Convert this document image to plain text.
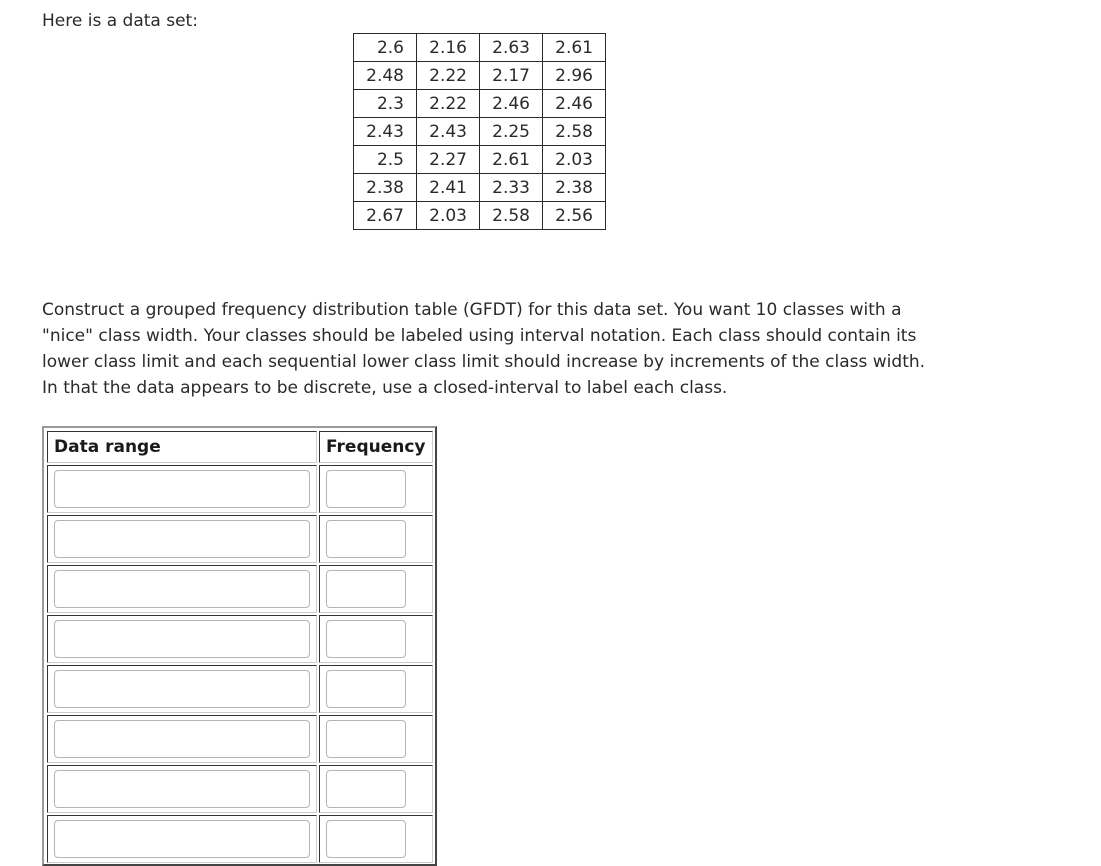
Here is a data set:

2.6	2.16	2.63	2.61
2.48	2.22	2.17	2.96
2.3	2.22	2.46	2.46
2.43	2.43	2.25	2.58
2.5	2.27	2.61	2.03
2.38	2.41	2.33	2.38
2.67	2.03	2.58	2.56

Construct a grouped frequency distribution table (GFDT) for this data set. You want 10 classes with a "nice" class width. Your classes should be labeled using interval notation. Each class should contain its lower class limit and each sequential lower class limit should increase by increments of the class width. In that the data appears to be discrete, use a closed-interval to label each class.

Data range	Frequency
